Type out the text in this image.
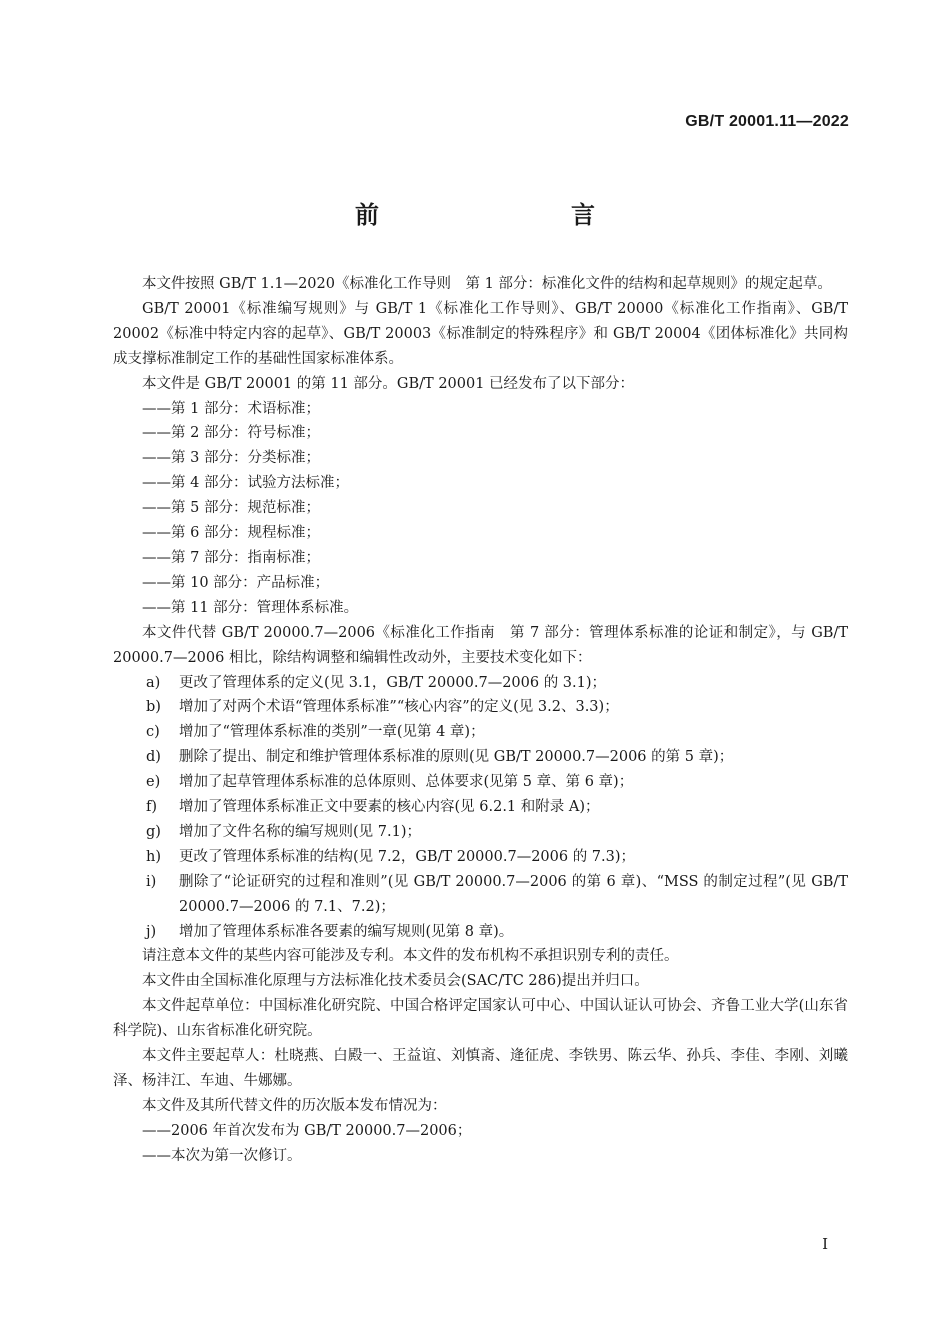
GB/T 20001.11—2022
前　　言
本文件按照 GB/T 1.1—2020《标准化工作导则　第 1 部分：标准化文件的结构和起草规则》的规定起草。
GB/T 20001《标准编写规则》与 GB/T 1《标准化工作导则》、GB/T 20000《标准化工作指南》、GB/T 20002《标准中特定内容的起草》、GB/T 20003《标准制定的特殊程序》和 GB/T 20004《团体标准化》共同构成支撑标准制定工作的基础性国家标准体系。
本文件是 GB/T 20001 的第 11 部分。GB/T 20001 已经发布了以下部分：
——第 1 部分：术语标准；
——第 2 部分：符号标准；
——第 3 部分：分类标准；
——第 4 部分：试验方法标准；
——第 5 部分：规范标准；
——第 6 部分：规程标准；
——第 7 部分：指南标准；
——第 10 部分：产品标准；
——第 11 部分：管理体系标准。
本文件代替 GB/T 20000.7—2006《标准化工作指南　第 7 部分：管理体系标准的论证和制定》，与 GB/T 20000.7—2006 相比，除结构调整和编辑性改动外，主要技术变化如下：
a) 更改了管理体系的定义(见 3.1，GB/T 20000.7—2006 的 3.1)；
b) 增加了对两个术语“管理体系标准”“核心内容”的定义(见 3.2、3.3)；
c) 增加了“管理体系标准的类别”一章(见第 4 章)；
d) 删除了提出、制定和维护管理体系标准的原则(见 GB/T 20000.7—2006 的第 5 章)；
e) 增加了起草管理体系标准的总体原则、总体要求(见第 5 章、第 6 章)；
f) 增加了管理体系标准正文中要素的核心内容(见 6.2.1 和附录 A)；
g) 增加了文件名称的编写规则(见 7.1)；
h) 更改了管理体系标准的结构(见 7.2，GB/T 20000.7—2006 的 7.3)；
i) 删除了“论证研究的过程和准则”(见 GB/T 20000.7—2006 的第 6 章)、“MSS 的制定过程”(见 GB/T 20000.7—2006 的 7.1、7.2)；
j) 增加了管理体系标准各要素的编写规则(见第 8 章)。
请注意本文件的某些内容可能涉及专利。本文件的发布机构不承担识别专利的责任。
本文件由全国标准化原理与方法标准化技术委员会(SAC/TC 286)提出并归口。
本文件起草单位：中国标准化研究院、中国合格评定国家认可中心、中国认证认可协会、齐鲁工业大学(山东省科学院)、山东省标准化研究院。
本文件主要起草人：杜晓燕、白殿一、王益谊、刘慎斋、逄征虎、李铁男、陈云华、孙兵、李佳、李刚、刘曦泽、杨沣江、车迪、牛娜娜。
本文件及其所代替文件的历次版本发布情况为：
——2006 年首次发布为 GB/T 20000.7—2006；
——本次为第一次修订。
I
